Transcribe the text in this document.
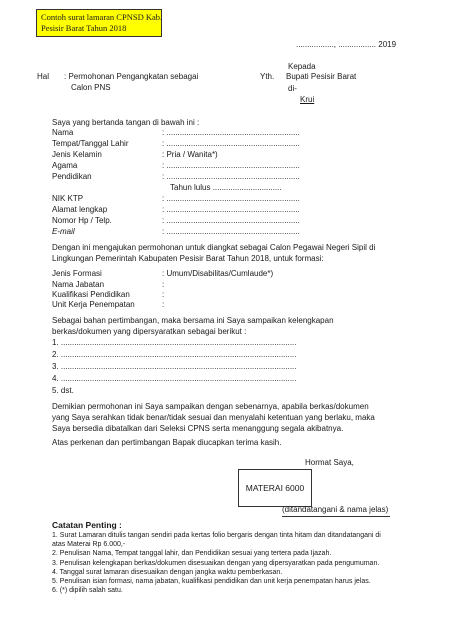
Contoh surat lamaran CPNSD Kab.
Pesisir Barat Tahun 2018
................., ................. 2019
Kepada
Hal : Permohonan Pengangkatan sebagai	Yth. Bupati Pesisir Barat
Calon PNS	di-
Krui
Saya yang bertanda tangan di bawah ini :
Nama	: ............................................................
Tempat/Tanggal Lahir	: ............................................................
Jenis Kelamin	: Pria / Wanita*)
Agama	: ............................................................
Pendidikan	: ............................................................
Tahun lulus ...............................
NIK KTP	: ............................................................
Alamat lengkap	: ............................................................
Nomor Hp / Telp.	: ............................................................
E-mail	: ............................................................
Dengan ini mengajukan permohonan untuk diangkat sebagai Calon Pegawai Negeri Sipil di
Lingkungan Pemerintah Kabupaten Pesisir Barat Tahun 2018, untuk formasi:
Jenis Formasi	: Umum/Disabilitas/Cumlaude*)
Nama Jabatan	:
Kualifikasi Pendidikan	:
Unit Kerja Penempatan	:
Sebagai bahan pertimbangan, maka bersama ini Saya sampaikan kelengkapan
berkas/dokumen yang dipersyaratkan sebagai berikut :
1. ..........................................................................................................
2. ..........................................................................................................
3. ..........................................................................................................
4. ..........................................................................................................
5. dst.
Demikian permohonan ini Saya sampaikan dengan sebenarnya, apabila berkas/dokumen
yang Saya serahkan tidak benar/tidak sesuai dan menyalahi ketentuan yang berlaku, maka
Saya bersedia dibatalkan dari Seleksi CPNS serta menanggung segala akibatnya.
Atas perkenan dan pertimbangan Bapak diucapkan terima kasih.
Hormat Saya,
MATERAI 6000
(ditandatangani & nama jelas)
Catatan Penting :
1. Surat Lamaran ditulis tangan sendiri pada kertas folio bergaris dengan tinta hitam dan ditandatangani di
atas Materai Rp 6.000,-
2. Penulisan Nama, Tempat tanggal lahir, dan Pendidikan sesuai yang tertera pada Ijazah.
3. Penulisan kelengkapan berkas/dokumen disesuaikan dengan yang dipersyaratkan pada pengumuman.
4. Tanggal surat lamaran disesuaikan dengan jangka waktu pemberkasan.
5. Penulisan isian formasi, nama jabatan, kualifikasi pendidikan dan unit kerja penempatan harus jelas.
6. (*) dipilih salah satu.
